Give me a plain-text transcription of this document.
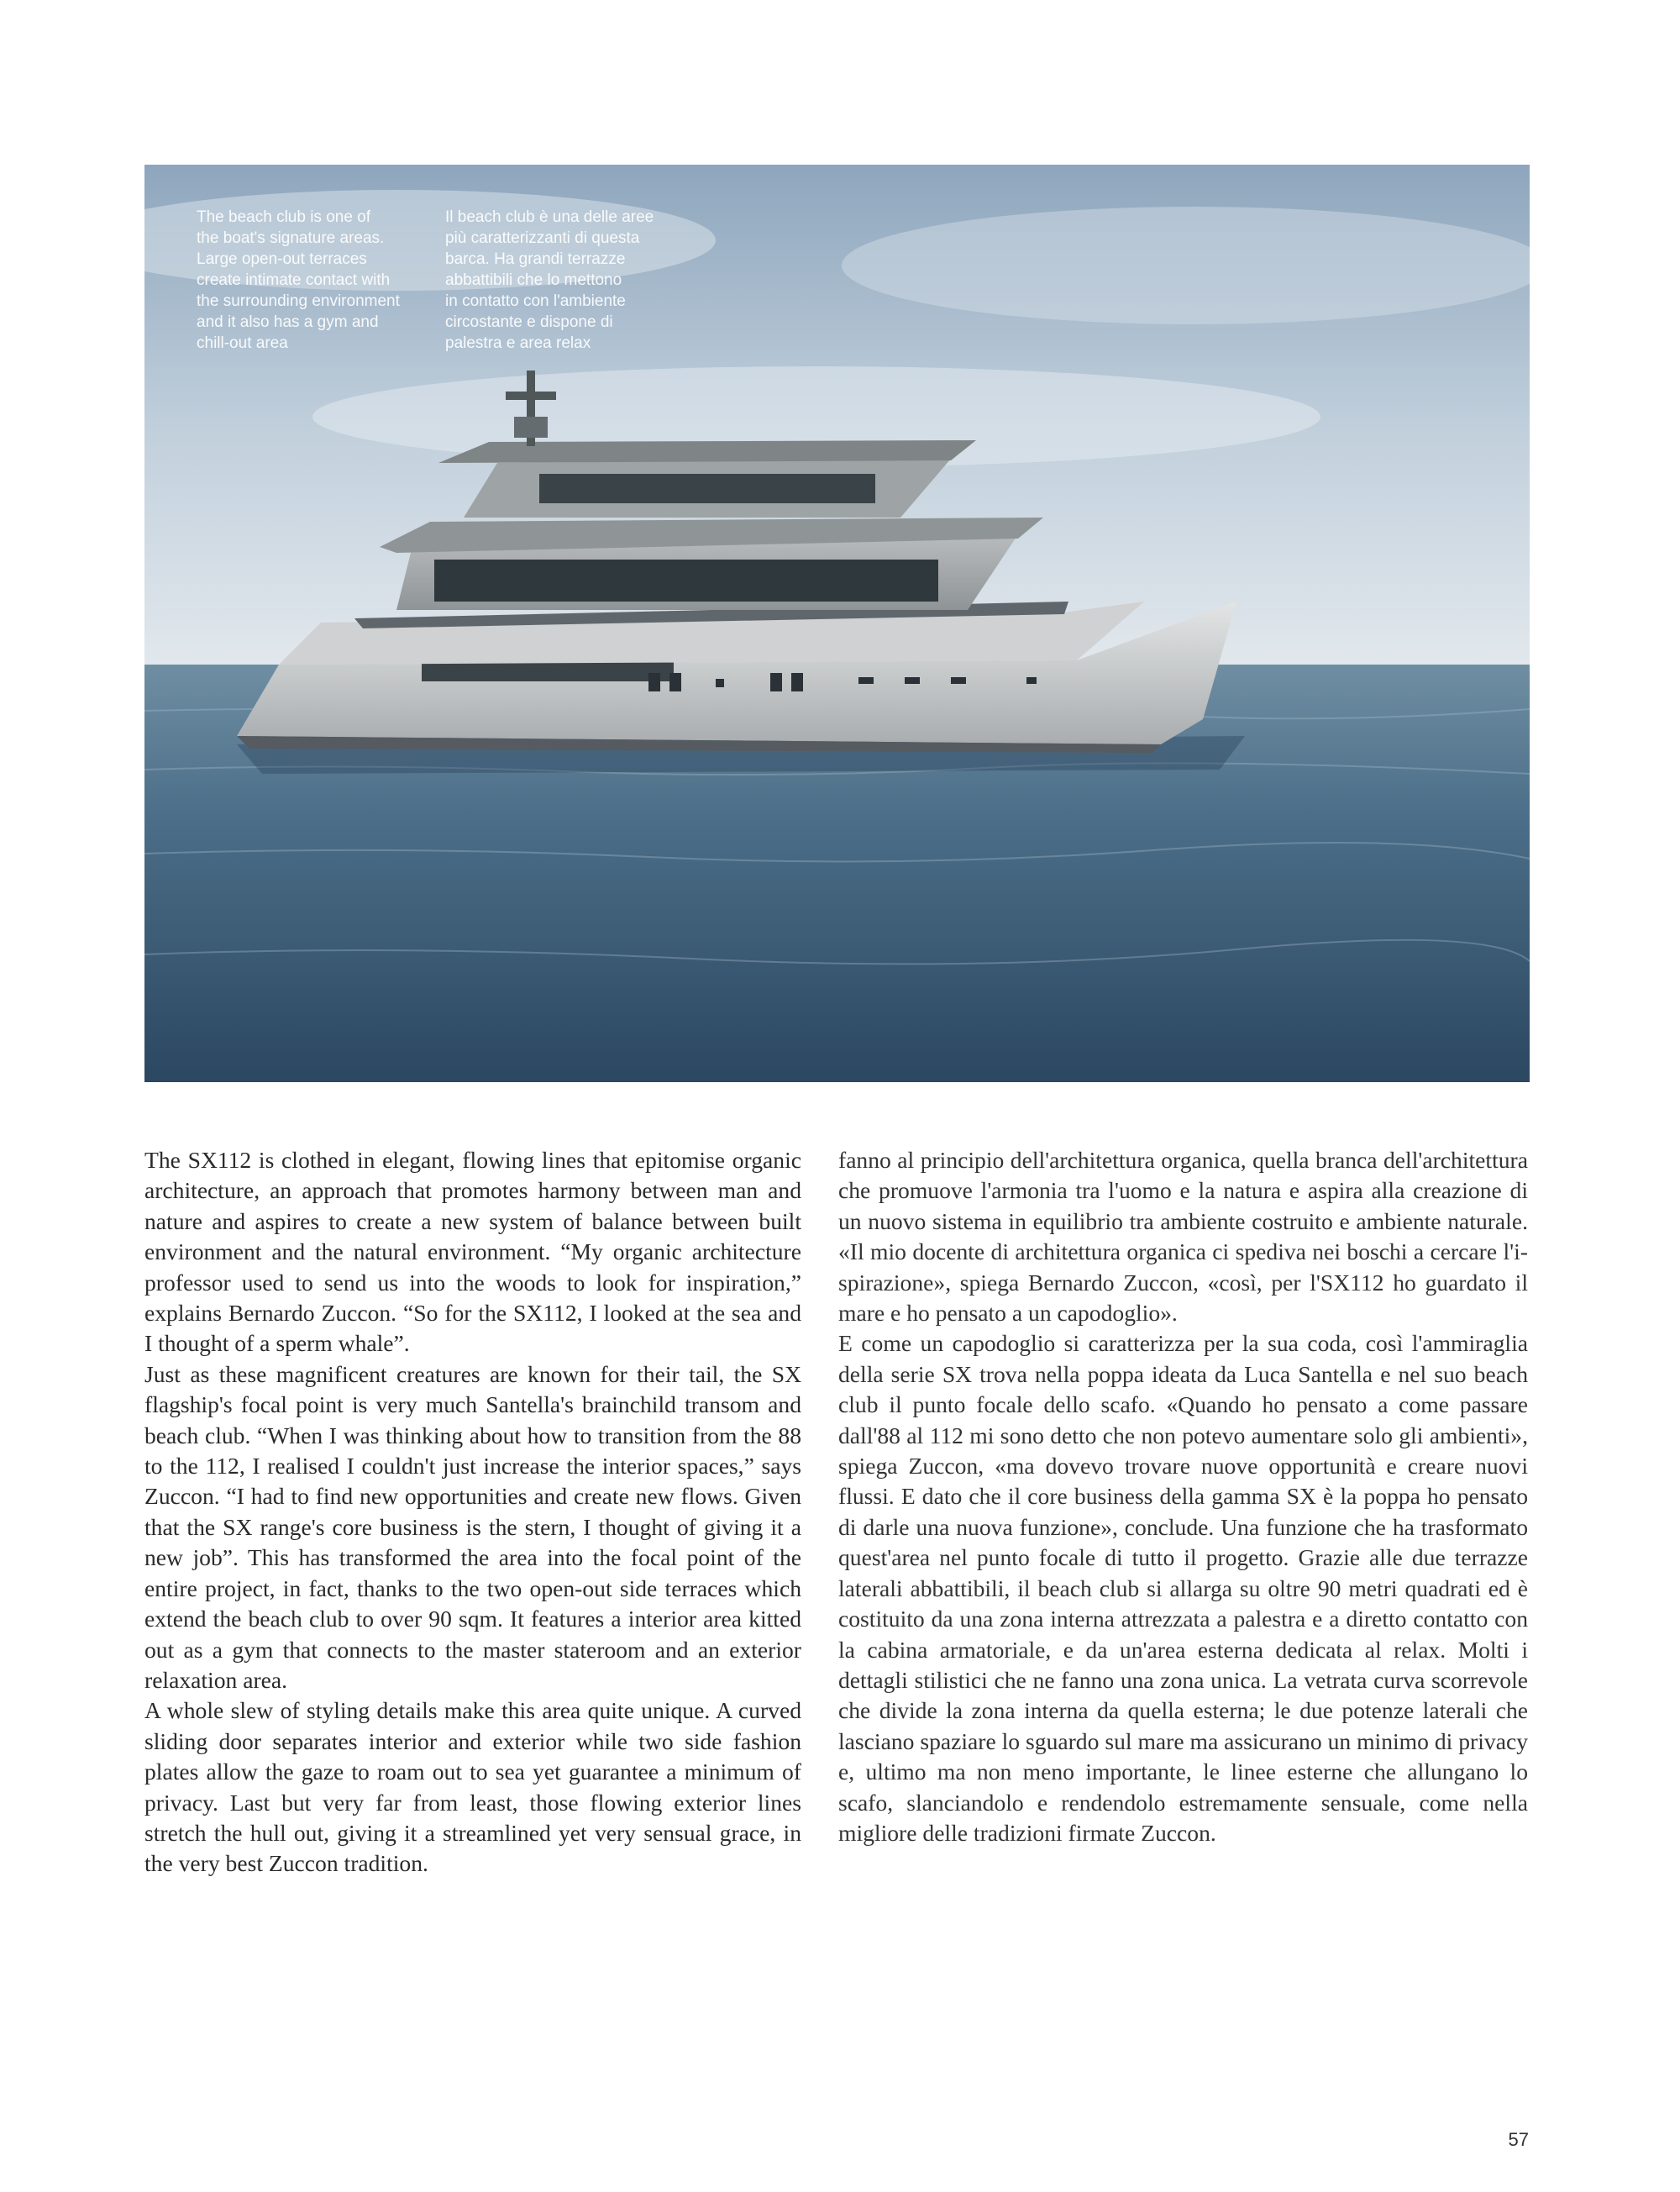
The beach club is one of
the boat's signature areas.
Large open-out terraces
create intimate contact with
the surrounding environment
and it also has a gym and
chill-out area

Il beach club è una delle aree
più caratterizzanti di questa
barca. Ha grandi terrazze
abbattibili che lo mettono
in contatto con l'ambiente
circostante e dispone di
palestra e area relax

The SX112 is clothed in elegant, flowing lines that epitomise organic architecture, an approach that promotes harmony between man and nature and aspires to create a new system of balance between built environment and the natural environment. “My organic architecture professor used to send us into the woods to look for inspiration,” explains Bernardo Zuccon. “So for the SX112, I looked at the sea and I thought of a sperm whale”.

Just as these magnificent creatures are known for their tail, the SX flagship's focal point is very much Santella's brainchild transom and beach club. “When I was thinking about how to transition from the 88 to the 112, I realised I couldn't just increase the interior spaces,” says Zuccon. “I had to find new opportunities and create new flows. Given that the SX range's core business is the stern, I thought of giving it a new job”. This has transformed the area into the focal point of the entire project, in fact, thanks to the two open-out side terraces which extend the beach club to over 90 sqm. It features a interior area kitted out as a gym that connects to the master stateroom and an exterior relaxation area.

A whole slew of styling details make this area quite unique. A curved sliding door separates interior and exterior while two side fashion plates allow the gaze to roam out to sea yet guarantee a minimum of privacy. Last but very far from least, those flowing exterior lines stretch the hull out, giving it a streamlined yet very sensual grace, in the very best Zuccon tradition.

fanno al principio dell'architettura organica, quella branca dell'architettura che promuove l'armonia tra l'uomo e la natura e aspira alla creazione di un nuovo sistema in equilibrio tra ambiente costruito e ambiente naturale. «Il mio docente di architettura organica ci spediva nei boschi a cercare l'ispirazione», spiega Bernardo Zuccon, «così, per l'SX112 ho guardato il mare e ho pensato a un capodoglio».

E come un capodoglio si caratterizza per la sua coda, così l'ammiraglia della serie SX trova nella poppa ideata da Luca Santella e nel suo beach club il punto focale dello scafo. «Quando ho pensato a come passare dall'88 al 112 mi sono detto che non potevo aumentare solo gli ambienti», spiega Zuccon, «ma dovevo trovare nuove opportunità e creare nuovi flussi. E dato che il core business della gamma SX è la poppa ho pensato di darle una nuova funzione», conclude. Una funzione che ha trasformato quest'area nel punto focale di tutto il progetto. Grazie alle due terrazze laterali abbattibili, il beach club si allarga su oltre 90 metri quadrati ed è costituito da una zona interna attrezzata a palestra e a diretto contatto con la cabina armatoriale, e da un'area esterna dedicata al relax. Molti i dettagli stilistici che ne fanno una zona unica. La vetrata curva scorrevole che divide la zona interna da quella esterna; le due potenze laterali che lasciano spaziare lo sguardo sul mare ma assicurano un minimo di privacy e, ultimo ma non meno importante, le linee esterne che allungano lo scafo, slanciandolo e rendendolo estremamente sensuale, come nella migliore delle tradizioni firmate Zuccon.

57
